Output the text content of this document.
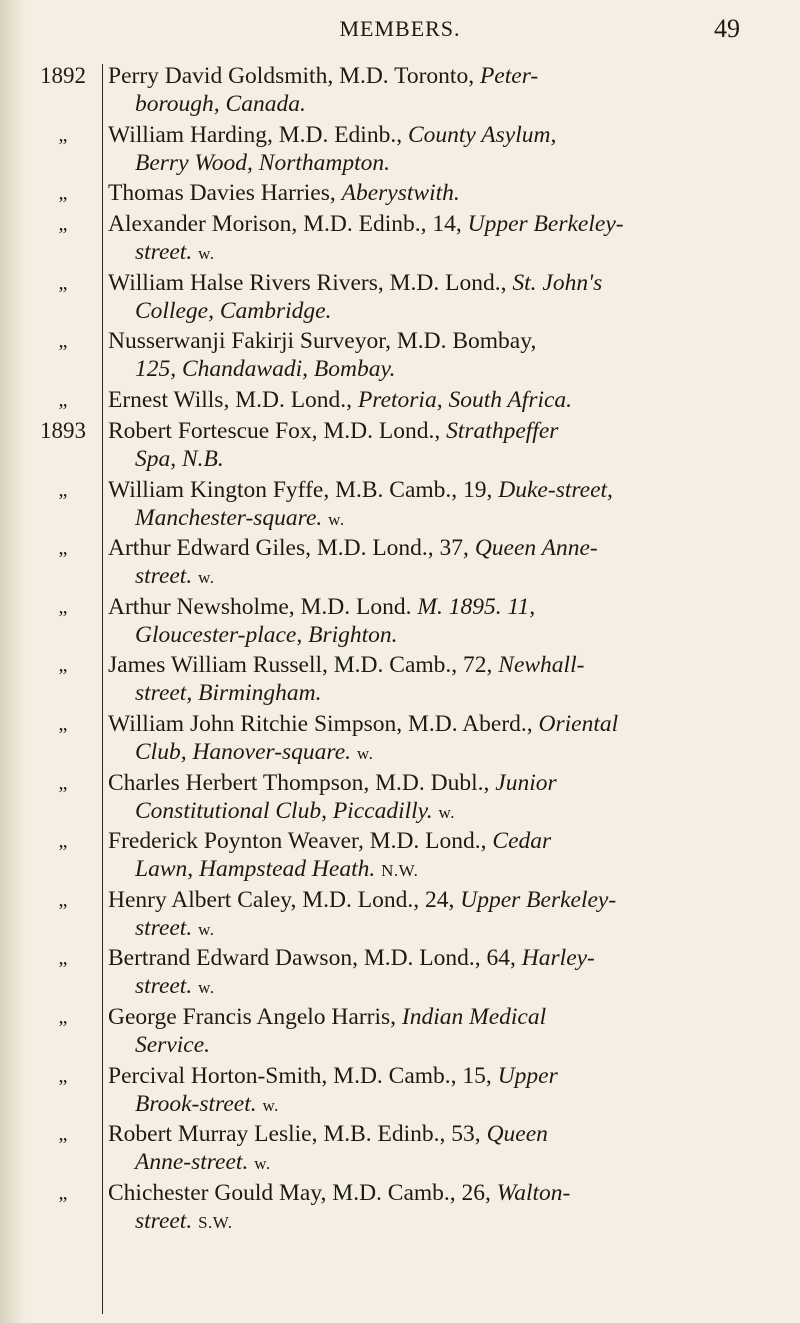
MEMBERS.	49
1892 Perry David Goldsmith, M.D. Toronto, Peter-
borough, Canada.
„	William Harding, M.D. Edinb., County Asylum,
Berry Wood, Northampton.
„	Thomas Davies Harries, Aberystwith.
„	Alexander Morison, M.D. Edinb., 14, Upper Berkeley-
street. w.
„	William Halse Rivers Rivers, M.D. Lond., St. John's
College, Cambridge.
„	Nusserwanji Fakirji Surveyor, M.D. Bombay,
125, Chandawadi, Bombay.
„	Ernest Wills, M.D. Lond., Pretoria, South Africa.
1893 Robert Fortescue Fox, M.D. Lond., Strathpeffer
Spa, N.B.
„	William Kington Fyffe, M.B. Camb., 19, Duke-street,
Manchester-square. w.
„	Arthur Edward Giles, M.D. Lond., 37, Queen Anne-
street. w.
„	Arthur Newsholme, M.D. Lond. M. 1895. 11,
Gloucester-place, Brighton.
„	James William Russell, M.D. Camb., 72, Newhall-
street, Birmingham.
„	William John Ritchie Simpson, M.D. Aberd., Oriental
Club, Hanover-square. w.
„	Charles Herbert Thompson, M.D. Dubl., Junior
Constitutional Club, Piccadilly. w.
„	Frederick Poynton Weaver, M.D. Lond., Cedar
Lawn, Hampstead Heath. N.W.
„	Henry Albert Caley, M.D. Lond., 24, Upper Berkeley-
street. w.
„	Bertrand Edward Dawson, M.D. Lond., 64, Harley-
street. w.
„	George Francis Angelo Harris, Indian Medical
Service.
„	Percival Horton-Smith, M.D. Camb., 15, Upper
Brook-street. w.
„	Robert Murray Leslie, M.B. Edinb., 53, Queen
Anne-street. w.
„	Chichester Gould May, M.D. Camb., 26, Walton-
street. S.W.
